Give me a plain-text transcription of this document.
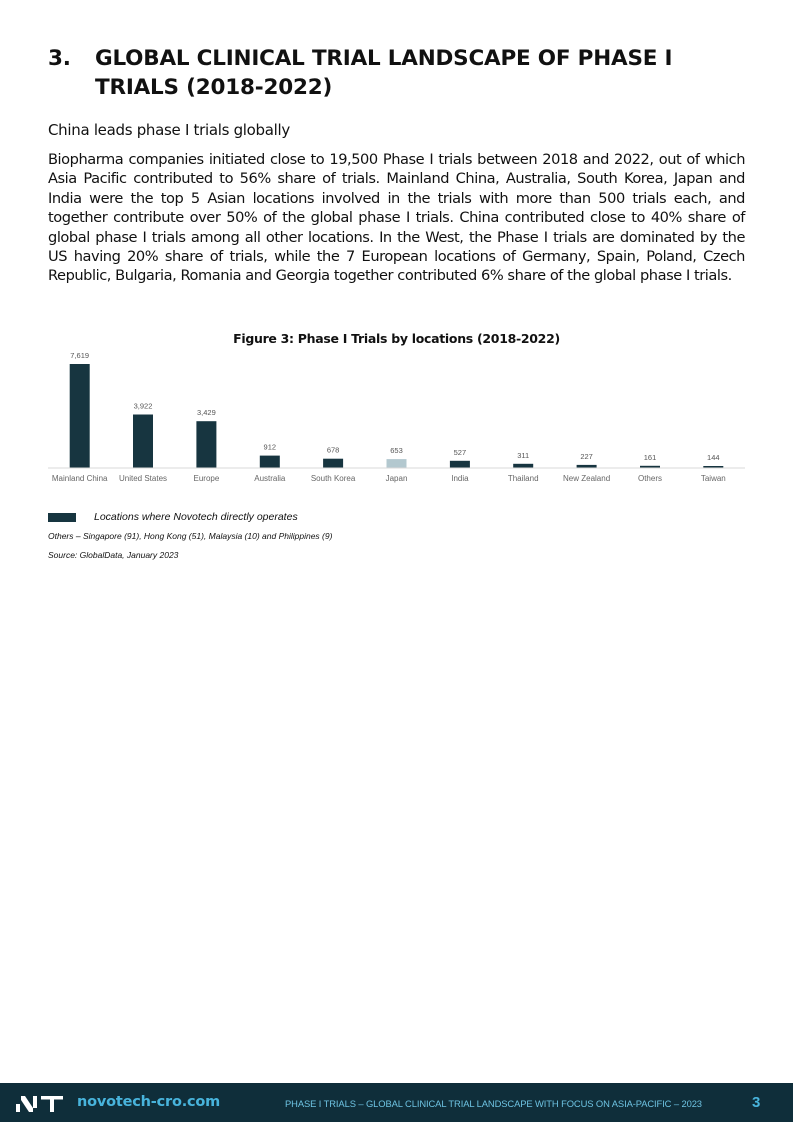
3.	GLOBAL CLINICAL TRIAL LANDSCAPE OF PHASE I TRIALS (2018-2022)
China leads phase I trials globally

Biopharma companies initiated close to 19,500 Phase I trials between 2018 and 2022, out of which Asia Pacific contributed to 56% share of trials. Mainland China, Australia, South Korea, Japan and India were the top 5 Asian locations involved in the trials with more than 500 trials each, and together contribute over 50% of the global phase I trials. China contributed close to 40% share of global phase I trials among all other locations. In the West, the Phase I trials are dominated by the US having 20% share of trials, while the 7 European locations of Germany, Spain, Poland, Czech Republic, Bulgaria, Romania and Georgia together contributed 6% share of the global phase I trials.

Figure 3: Phase I Trials by locations (2018-2022)
7,619
Mainland China
3,922
United States
3,429
Europe
912
Australia
678
South Korea
653
Japan
527
India
311
Thailand
227
New Zealand
161
Others
144
Taiwan
Locations where Novotech directly operates
Others – Singapore (91), Hong Kong (51), Malaysia (10) and Philippines (9)
Source: GlobalData, January 2023
novotech-cro.com	PHASE I TRIALS – GLOBAL CLINICAL TRIAL LANDSCAPE WITH FOCUS ON ASIA-PACIFIC – 2023	3
